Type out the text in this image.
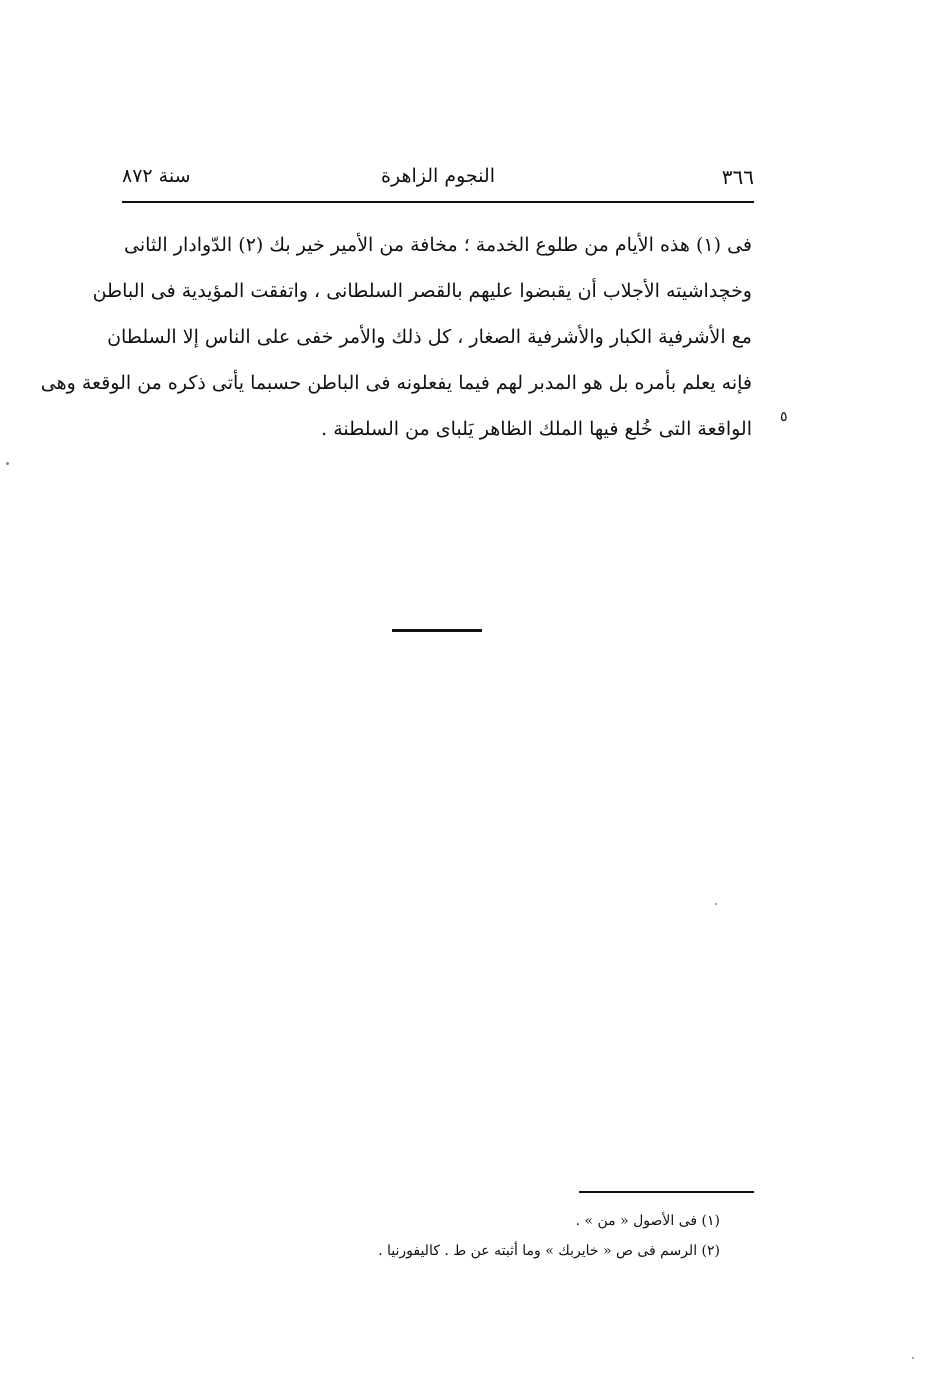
٣٦٦
النجوم الزاهرة
سنة ٨٧٢
فى (١) هذه الأيام من طلوع الخدمة ؛ مخافة من الأمير خير بك (٢) الدّوادار الثانى
وخچداشيته الأجلاب أن يقبضوا عليهم بالقصر السلطانى ، واتفقت المؤيدية فى الباطن
مع الأشرفية الكبار والأشرفية الصغار ، كل ذلك والأمر خفى على الناس إلا السلطان
فإنه يعلم بأمره بل هو المدبر لهم فيما يفعلونه فى الباطن حسبما يأتى ذكره من الوقعة وهى
الواقعة التى خُلع فيها الملك الظاهر يَلباى من السلطنة .
٥
(١) فى الأصول « من » .
(٢) الرسم فى ص « خايربك » وما أثبته عن ط . كاليفورنيا .
